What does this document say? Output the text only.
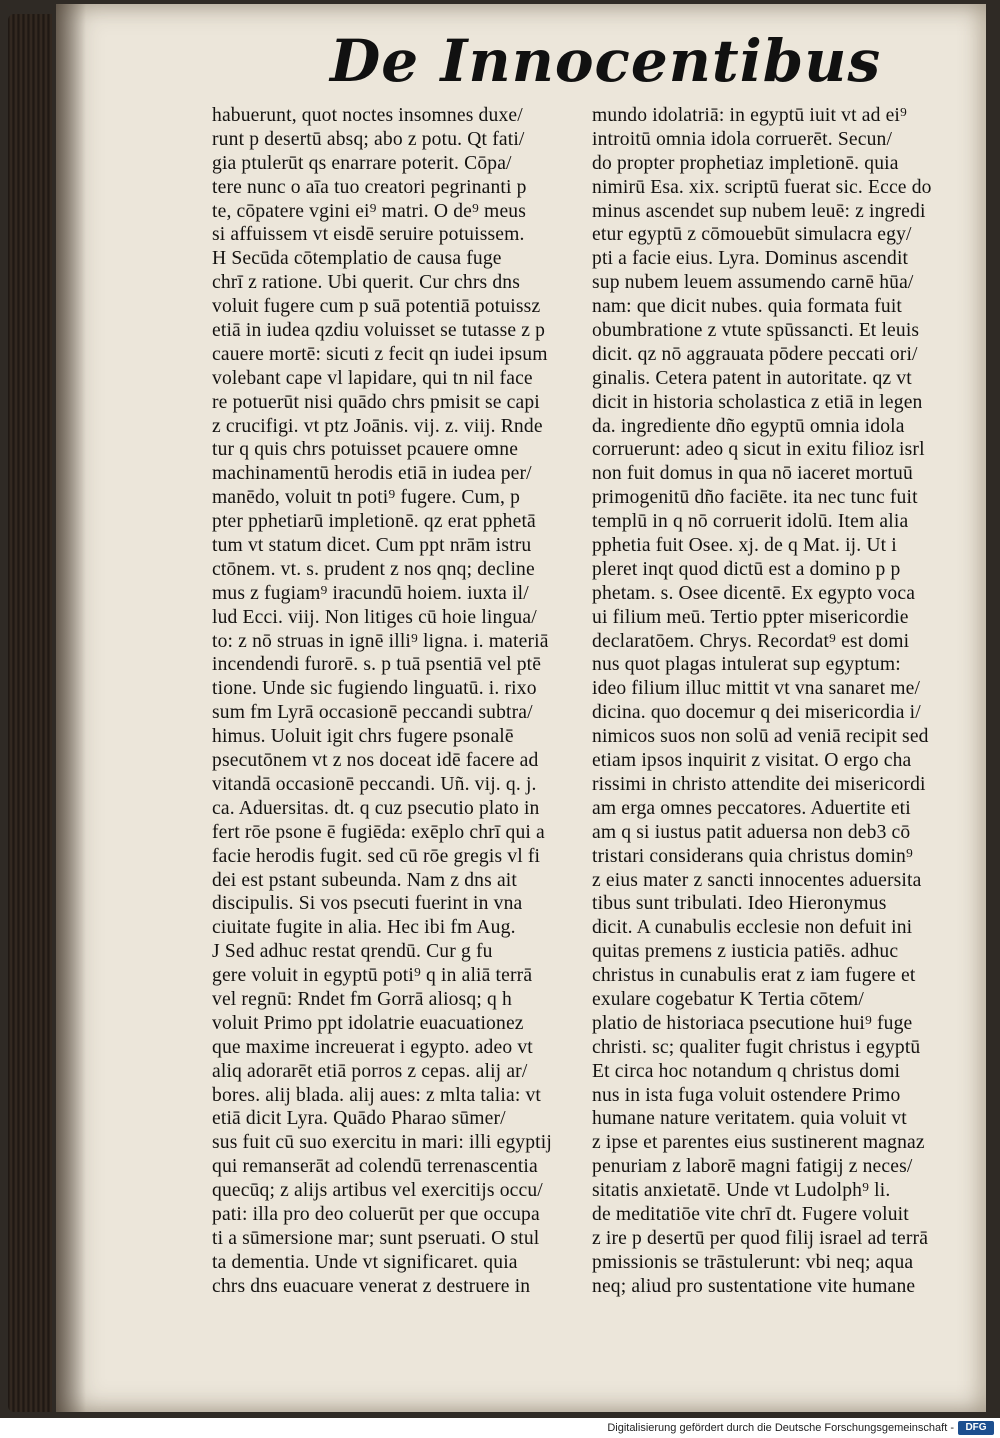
De Innocentibus
habuerunt, quot noctes insomnes duxe/
runt p desertū absq; abo z potu. Qt fati/
gia ptulerūt qs enarrare poterit. Cōpa/
tere nunc o aīa tuo creatori pegrinanti p
te, cōpatere vgini ei⁹ matri. O de⁹ meus
si affuissem vt eisdē seruire potuissem.
H Secūda cōtemplatio de causa fuge
chrī z ratione. Ubi querit. Cur chrs dns
voluit fugere cum p suā potentiā potuissz
etiā in iudea qzdiu voluisset se tutasse z p
cauere mortē: sicuti z fecit qn iudei ipsum
volebant cape vl lapidare, qui tn nil face
re potuerūt nisi quādo chrs pmisit se capi
z crucifigi. vt ptz Joānis. vij. z. viij. Rnde
tur q quis chrs potuisset pcauere omne
machinamentū herodis etiā in iudea per/
manēdo, voluit tn poti⁹ fugere. Cum, p
pter pphetiarū impletionē. qz erat pphetā
tum vt statum dicet. Cum ppt nrām istru
ctōnem. vt. s. prudent z nos qnq; decline
mus z fugiam⁹ iracundū hoiem. iuxta il/
lud Ecci. viij. Non litiges cū hoie lingua/
to: z nō struas in ignē illi⁹ ligna. i. materiā
incendendi furorē. s. p tuā psentiā vel ptē
tione. Unde sic fugiendo linguatū. i. rixo
sum fm Lyrā occasionē peccandi subtra/
himus. Uoluit igit chrs fugere psonalē
psecutōnem vt z nos doceat idē facere ad
vitandā occasionē peccandi. Uñ. vij. q. j.
ca. Aduersitas. dt. q cuz psecutio plato in
fert rōe psone ē fugiēda: exēplo chrī qui a
facie herodis fugit. sed cū rōe gregis vl fi
dei est pstant subeunda. Nam z dns ait
discipulis. Si vos psecuti fuerint in vna
ciuitate fugite in alia. Hec ibi fm Aug.
J Sed adhuc restat qrendū. Cur g fu
gere voluit in egyptū poti⁹ q in aliā terrā
vel regnū: Rndet fm Gorrā aliosq; q h
voluit Primo ppt idolatrie euacuationez
que maxime increuerat i egypto. adeo vt
aliq adorarēt etiā porros z cepas. alij ar/
bores. alij blada. alij aues: z mlta talia: vt
etiā dicit Lyra. Quādo Pharao sūmer/
sus fuit cū suo exercitu in mari: illi egyptij
qui remanserāt ad colendū terrenascentia
quecūq; z alijs artibus vel exercitijs occu/
pati: illa pro deo coluerūt per que occupa
ti a sūmersione mar; sunt pseruati. O stul
ta dementia. Unde vt significaret. quia
chrs dns euacuare venerat z destruere in
mundo idolatriā: in egyptū iuit vt ad ei⁹
introitū omnia idola corruerēt. Secun/
do propter prophetiaz impletionē. quia
nimirū Esa. xix. scriptū fuerat sic. Ecce do
minus ascendet sup nubem leuē: z ingredi
etur egyptū z cōmouebūt simulacra egy/
pti a facie eius. Lyra. Dominus ascendit
sup nubem leuem assumendo carnē hūa/
nam: que dicit nubes. quia formata fuit
obumbratione z vtute spūssancti. Et leuis
dicit. qz nō aggrauata pōdere peccati ori/
ginalis. Cetera patent in autoritate. qz vt
dicit in historia scholastica z etiā in legen
da. ingrediente dño egyptū omnia idola
corruerunt: adeo q sicut in exitu filioz isrl
non fuit domus in qua nō iaceret mortuū
primogenitū dño faciēte. ita nec tunc fuit
templū in q nō corruerit idolū. Item alia
pphetia fuit Osee. xj. de q Mat. ij. Ut i
pleret inqt quod dictū est a domino p p
phetam. s. Osee dicentē. Ex egypto voca
ui filium meū. Tertio ppter misericordie
declaratōem. Chrys. Recordat⁹ est domi
nus quot plagas intulerat sup egyptum:
ideo filium illuc mittit vt vna sanaret me/
dicina. quo docemur q dei misericordia i/
nimicos suos non solū ad veniā recipit sed
etiam ipsos inquirit z visitat. O ergo cha
rissimi in christo attendite dei misericordi
am erga omnes peccatores. Aduertite eti
am q si iustus patit aduersa non deb3 cō
tristari considerans quia christus domin⁹
z eius mater z sancti innocentes aduersita
tibus sunt tribulati. Ideo Hieronymus
dicit. A cunabulis ecclesie non defuit ini
quitas premens z iusticia patiēs. adhuc
christus in cunabulis erat z iam fugere et
exulare cogebatur K Tertia cōtem/
platio de historiaca psecutione hui⁹ fuge
christi. sc; qualiter fugit christus i egyptū
Et circa hoc notandum q christus domi
nus in ista fuga voluit ostendere Primo
humane nature veritatem. quia voluit vt
z ipse et parentes eius sustinerent magnaz
penuriam z laborē magni fatigij z neces/
sitatis anxietatē. Unde vt Ludolph⁹ li.
de meditatiōe vite chrī dt. Fugere voluit
z ire p desertū per quod filij israel ad terrā
pmissionis se trāstulerunt: vbi neq; aqua
neq; aliud pro sustentatione vite humane
Digitalisierung gefördert durch die Deutsche Forschungsgemeinschaft -	DFG
